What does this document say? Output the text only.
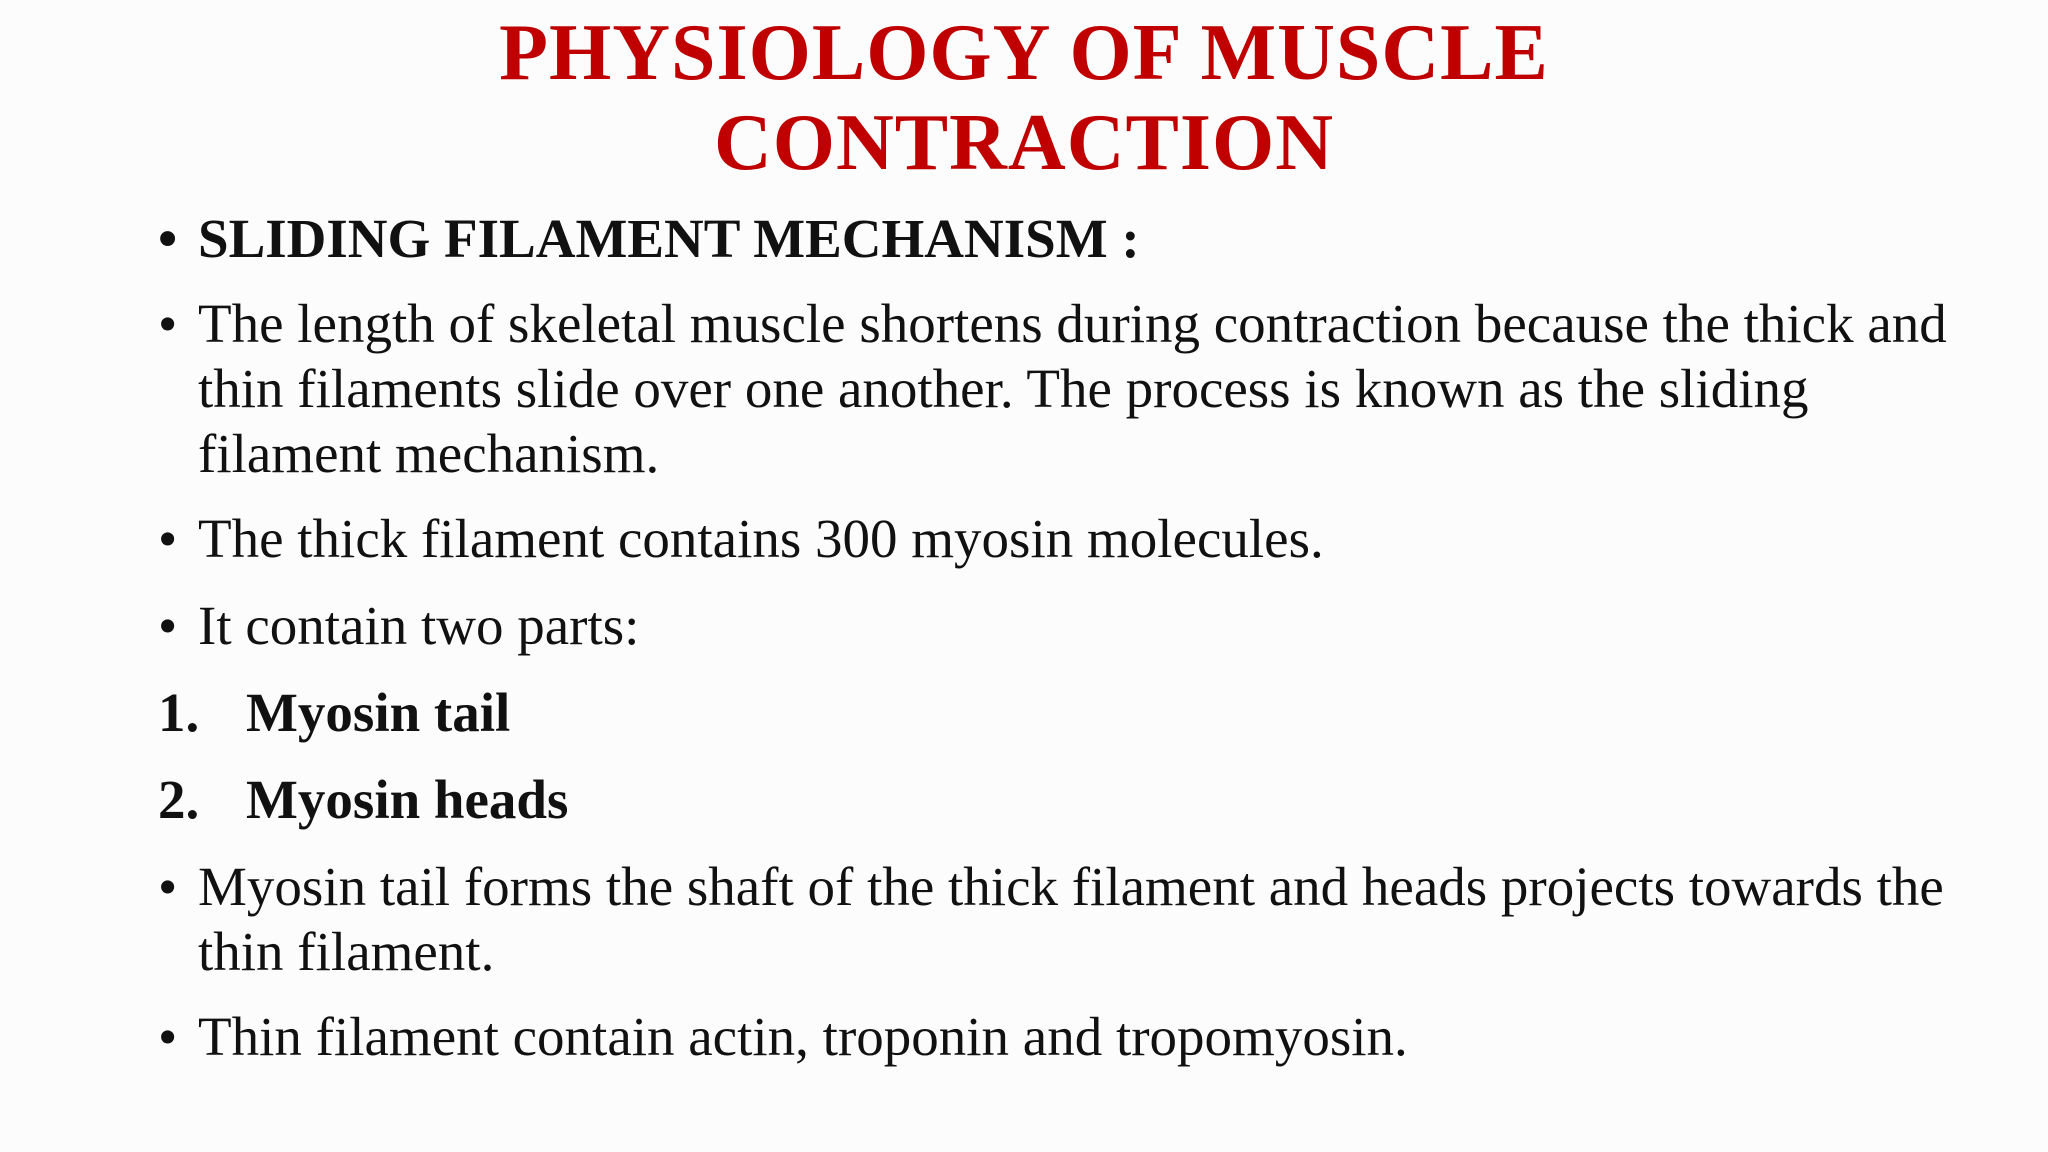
PHYSIOLOGY OF MUSCLE
CONTRACTION
• SLIDING FILAMENT MECHANISM :
• The length of skeletal muscle shortens during contraction because the thick and thin filaments slide over one another. The process is known as the sliding filament mechanism.
• The thick filament contains 300 myosin molecules.
• It contain two parts:
1. Myosin tail
2. Myosin heads
• Myosin tail forms the shaft of the thick filament and heads projects towards the thin filament.
• Thin filament contain actin, troponin and tropomyosin.
